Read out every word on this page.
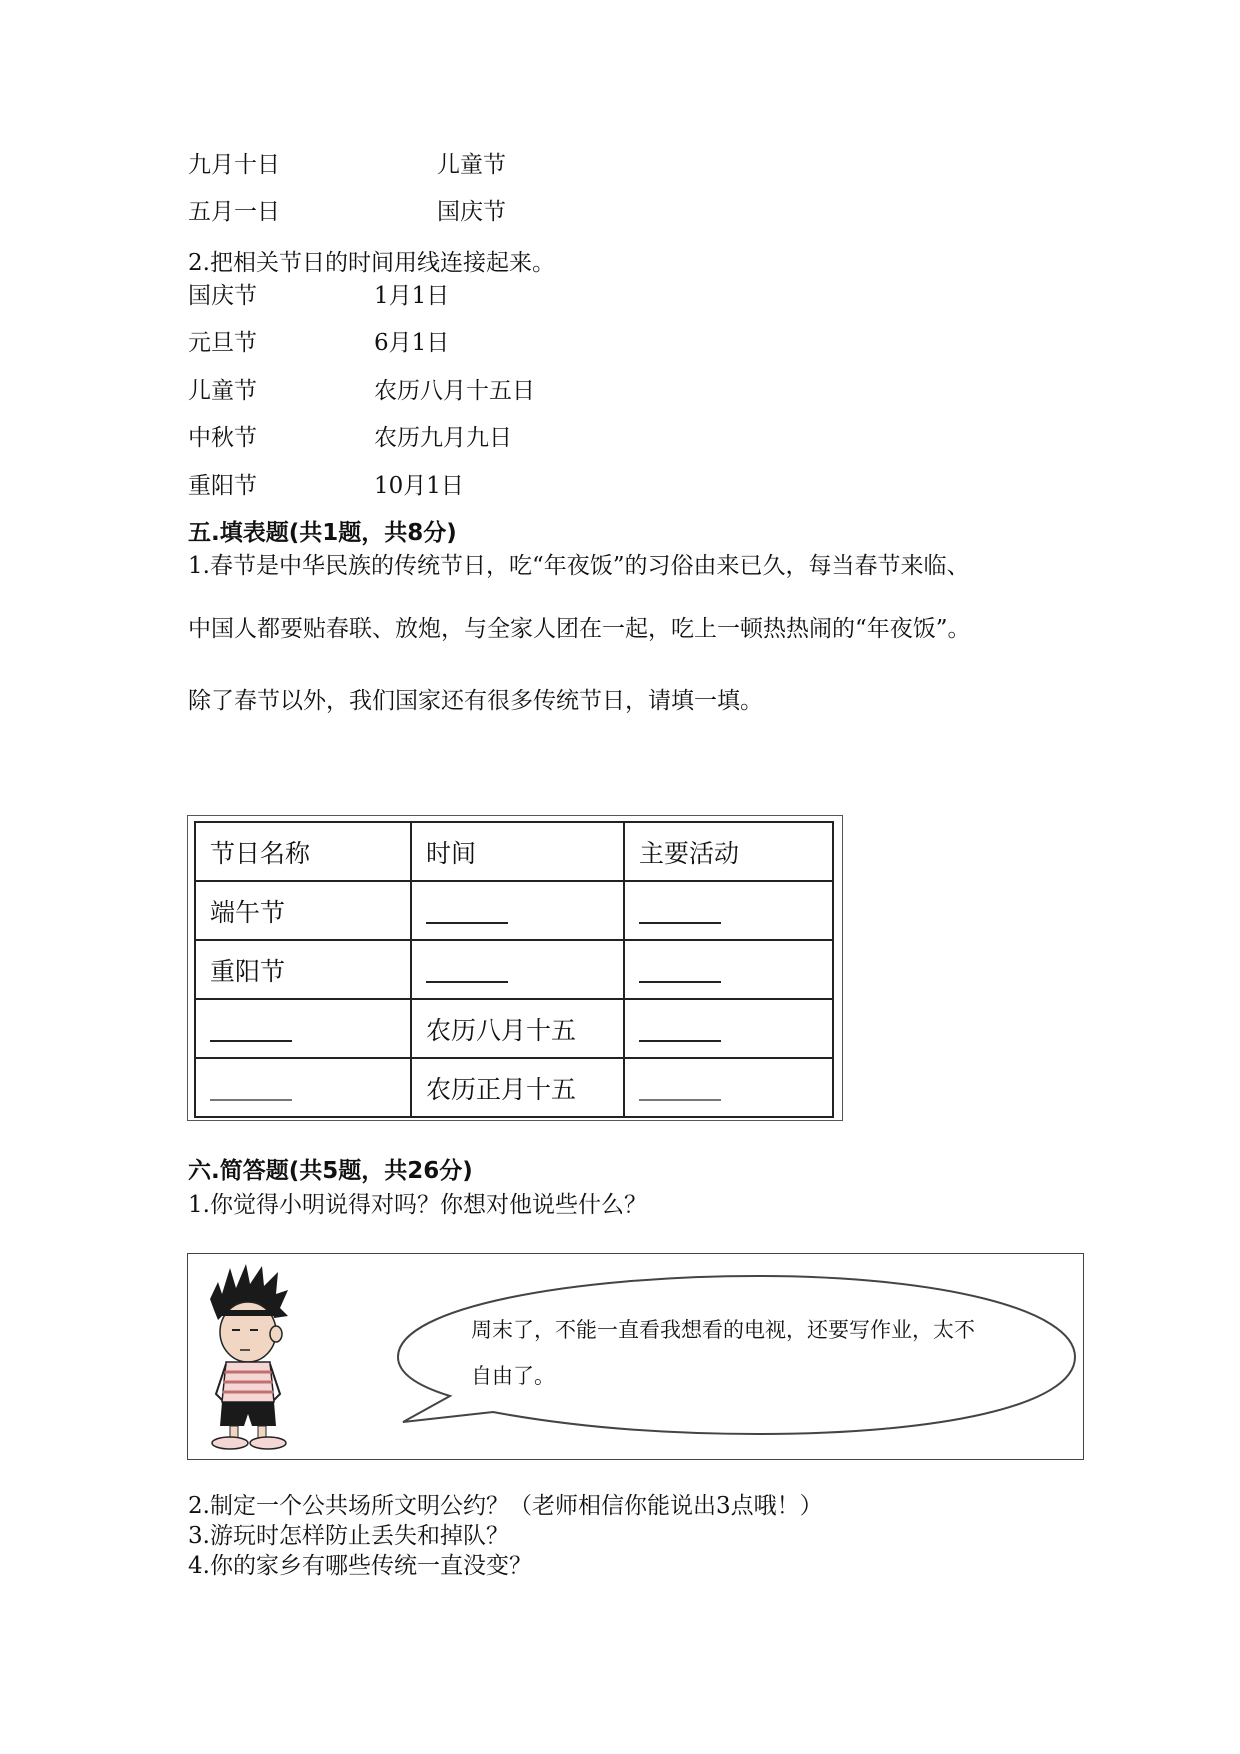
九月十日	儿童节
五月一日	国庆节
2.把相关节日的时间用线连接起来。
国庆节	1月1日
元旦节	6月1日
儿童节	农历八月十五日
中秋节	农历九月九日
重阳节	10月1日
五.填表题(共1题，共8分)
1.春节是中华民族的传统节日，吃“年夜饭”的习俗由来已久，每当春节来临、
中国人都要贴春联、放炮，与全家人团在一起，吃上一顿热热闹的“年夜饭”。
除了春节以外，我们国家还有很多传统节日，请填一填。
节日名称	时间	主要活动
端午节		
重阳节		
	农历八月十五	
	农历正月十五	
六.简答题(共5题，共26分)
1.你觉得小明说得对吗？你想对他说些什么？
周末了，不能一直看我想看的电视，还要写作业，太不
自由了。
2.制定一个公共场所文明公约？（老师相信你能说出3点哦！）
3.游玩时怎样防止丢失和掉队？
4.你的家乡有哪些传统一直没变？
